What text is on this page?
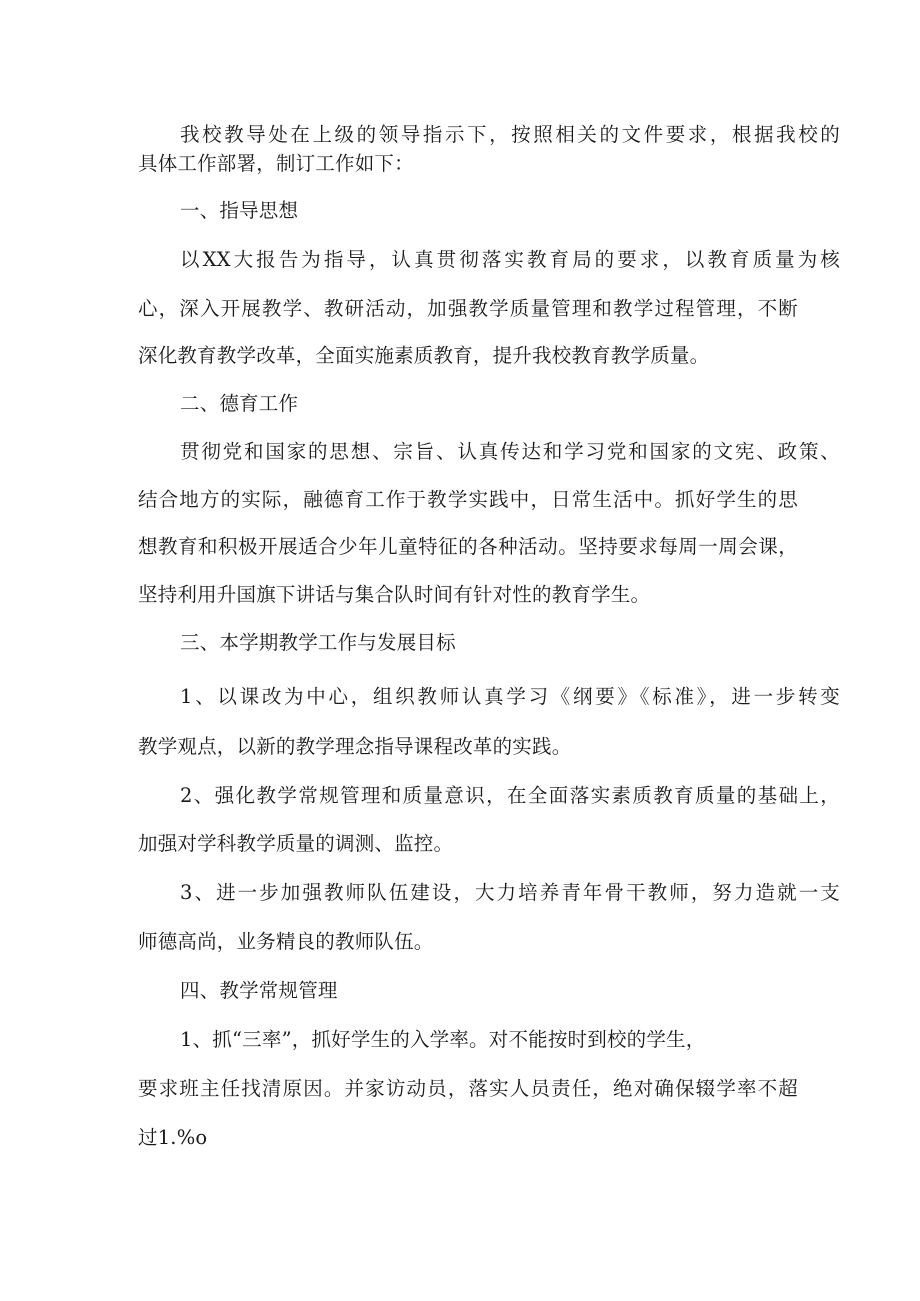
我校教导处在上级的领导指示下，按照相关的文件要求，根据我校的
具体工作部署，制订工作如下：
一、指导思想
以XX大报告为指导，认真贯彻落实教育局的要求，以教育质量为核
心，深入开展教学、教研活动，加强教学质量管理和教学过程管理，不断
深化教育教学改革，全面实施素质教育，提升我校教育教学质量。
二、德育工作
贯彻党和国家的思想、宗旨、认真传达和学习党和国家的文宪、政策、
结合地方的实际，融德育工作于教学实践中，日常生活中。抓好学生的思
想教育和积极开展适合少年儿童特征的各种活动。坚持要求每周一周会课，
坚持利用升国旗下讲话与集合队时间有针对性的教育学生。
三、本学期教学工作与发展目标
1、以课改为中心，组织教师认真学习《纲要》《标准》，进一步转变
教学观点，以新的教学理念指导课程改革的实践。
2、强化教学常规管理和质量意识，在全面落实素质教育质量的基础上，
加强对学科教学质量的调测、监控。
3、进一步加强教师队伍建设，大力培养青年骨干教师，努力造就一支
师德高尚，业务精良的教师队伍。
四、教学常规管理
1、抓“三率”，抓好学生的入学率。对不能按时到校的学生，
要求班主任找清原因。并家访动员，落实人员责任，绝对确保辍学率不超
过1.%o
